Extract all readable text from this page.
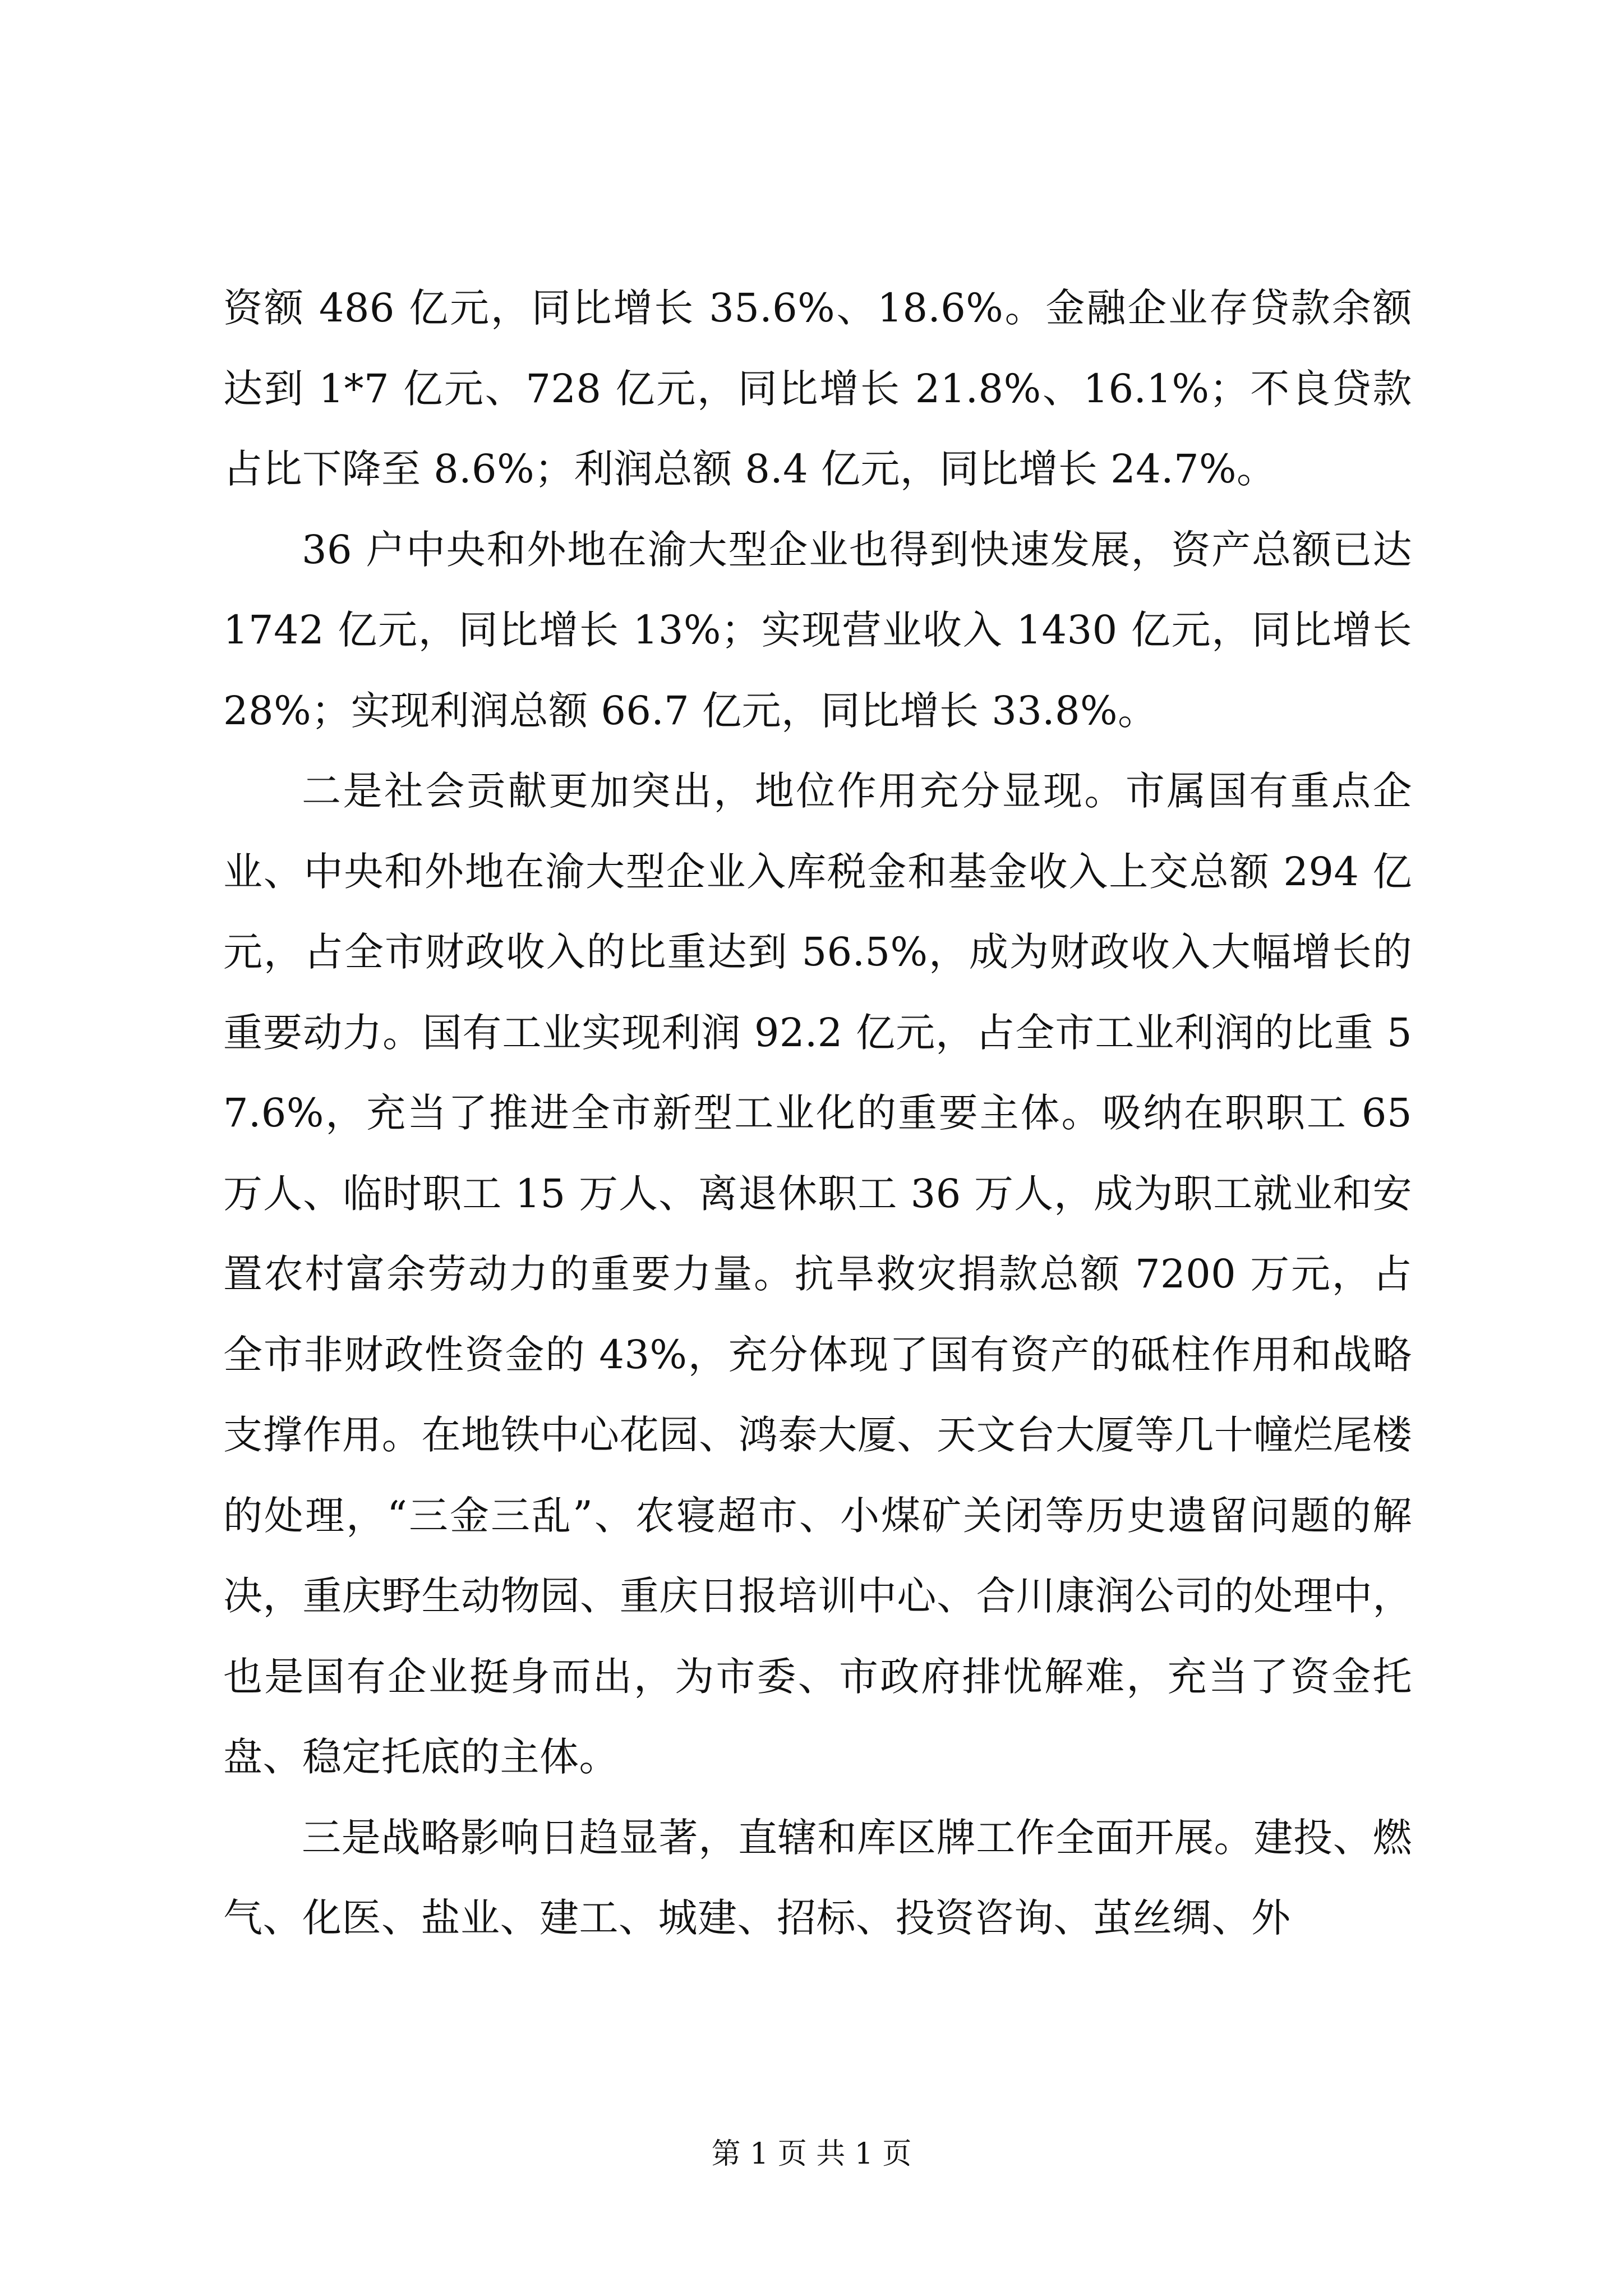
资额 486 亿元，同比增长 35.6%、18.6%。金融企业存贷款余额达到 1*7 亿元、728 亿元，同比增长 21.8%、16.1%；不良贷款占比下降至 8.6%；利润总额 8.4 亿元，同比增长 24.7%。

36 户中央和外地在渝大型企业也得到快速发展，资产总额已达 1742 亿元，同比增长 13%；实现营业收入 1430 亿元，同比增长 28%；实现利润总额 66.7 亿元，同比增长 33.8%。

二是社会贡献更加突出，地位作用充分显现。市属国有重点企业、中央和外地在渝大型企业入库税金和基金收入上交总额 294 亿元，占全市财政收入的比重达到 56.5%，成为财政收入大幅增长的重要动力。国有工业实现利润 92.2 亿元，占全市工业利润的比重 57.6%，充当了推进全市新型工业化的重要主体。吸纳在职职工 65 万人、临时职工 15 万人、离退休职工 36 万人，成为职工就业和安置农村富余劳动力的重要力量。抗旱救灾捐款总额 7200 万元，占全市非财政性资金的 43%，充分体现了国有资产的砥柱作用和战略支撑作用。在地铁中心花园、鸿泰大厦、天文台大厦等几十幢烂尾楼的处理，“三金三乱”、农寝超市、小煤矿关闭等历史遗留问题的解决，重庆野生动物园、重庆日报培训中心、合川康润公司的处理中，也是国有企业挺身而出，为市委、市政府排忧解难，充当了资金托盘、稳定托底的主体。

三是战略影响日趋显著，直辖和库区牌工作全面开展。建投、燃气、化医、盐业、建工、城建、招标、投资咨询、茧丝绸、外

第 1 页 共 1 页
